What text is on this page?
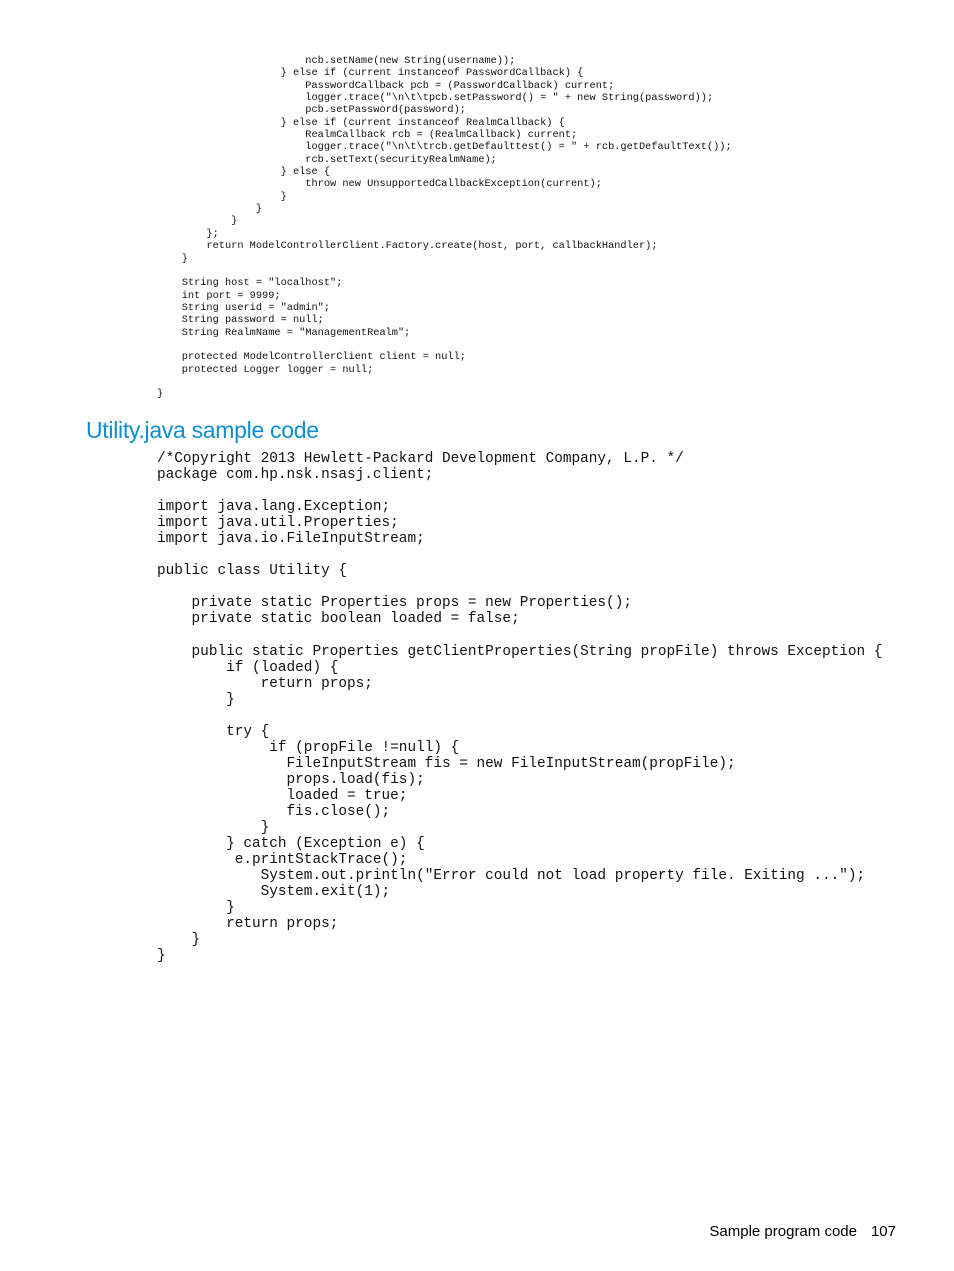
ncb.setName(new String(username));
} else if (current instanceof PasswordCallback) {
PasswordCallback pcb = (PasswordCallback) current;
logger.trace("\n\t\tpcb.setPassword() = " + new String(password));
pcb.setPassword(password);
} else if (current instanceof RealmCallback) {
RealmCallback rcb = (RealmCallback) current;
logger.trace("\n\t\trcb.getDefaulttest() = " + rcb.getDefaultText());
rcb.setText(securityRealmName);
} else {
throw new UnsupportedCallbackException(current);
}
}
}
};
return ModelControllerClient.Factory.create(host, port, callbackHandler);
}

String host = "localhost";
int port = 9999;
String userid = "admin";
String password = null;
String RealmName = "ManagementRealm";

protected ModelControllerClient client = null;
protected Logger logger = null;

}
Utility.java sample code
/*Copyright 2013 Hewlett-Packard Development Company, L.P. */
package com.hp.nsk.nsasj.client;

import java.lang.Exception;
import java.util.Properties;
import java.io.FileInputStream;

public class Utility {

private static Properties props = new Properties();
private static boolean loaded = false;

public static Properties getClientProperties(String propFile) throws Exception {
if (loaded) {
return props;
}

try {
if (propFile !=null) {
FileInputStream fis = new FileInputStream(propFile);
props.load(fis);
loaded = true;
fis.close();
}
} catch (Exception e) {
e.printStackTrace();
System.out.println("Error could not load property file. Exiting ...");
System.exit(1);
}
return props;
}
}
Sample program code 107
